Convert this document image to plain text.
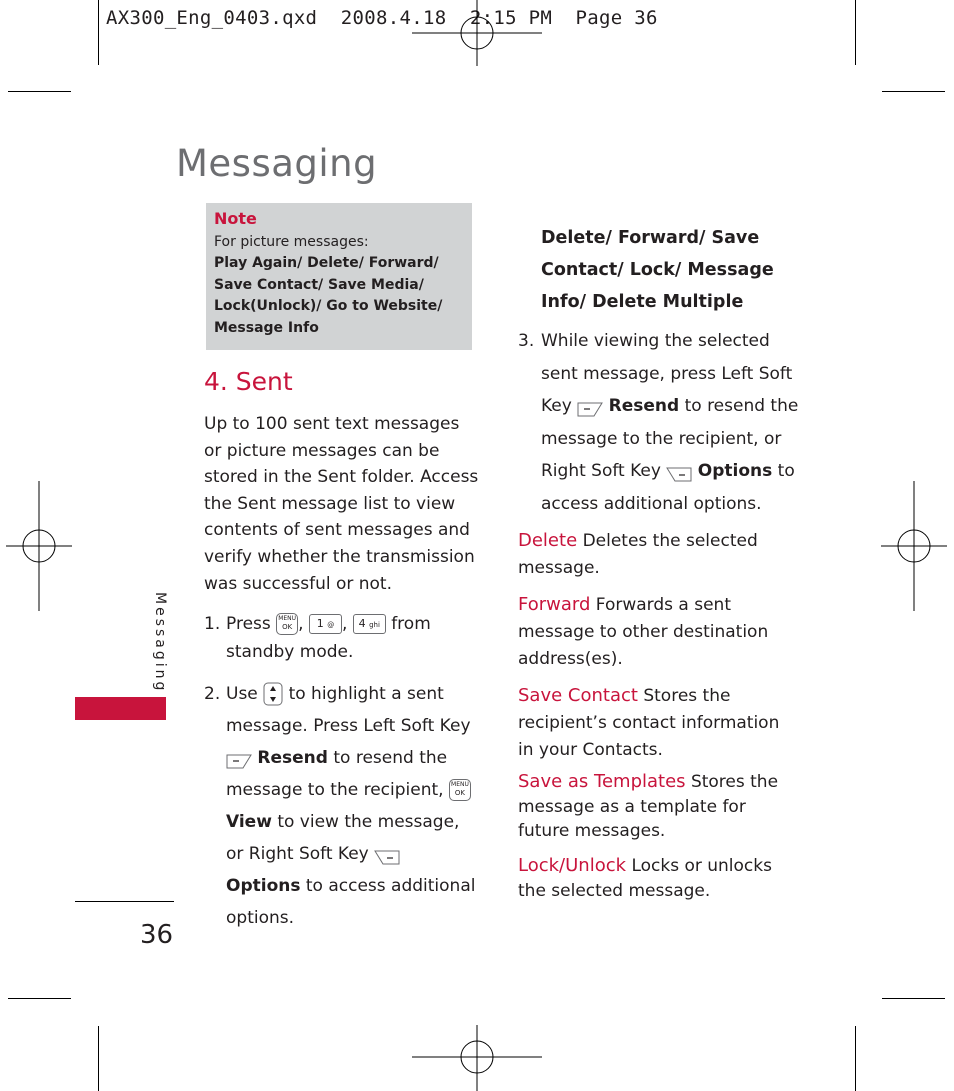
AX300_Eng_0403.qxd  2008.4.18  2:15 PM  Page 36
Messaging
Messaging
36
Note
For picture messages:
Play Again/ Delete/ Forward/ Save Contact/ Save Media/ Lock(Unlock)/ Go to Website/ Message Info
4. Sent
Up to 100 sent text messages or picture messages can be stored in the Sent folder. Access the Sent message list to view contents of sent messages and verify whether the transmission was successful or not.
1. Press MENU
OK , 1 @ , 4 ghi from standby mode.
2. Use to highlight a sent message. Press Left Soft Key  Resend to resend the message to the recipient, MENU
OK
View to view the message, or Right Soft Key  Options to access additional options.
Delete/ Forward/ Save Contact/ Lock/ Message Info/ Delete Multiple
3. While viewing the selected sent message, press Left Soft Key Resend to resend the message to the recipient, or Right Soft Key Options to access additional options.
Delete Deletes the selected message.
Forward Forwards a sent message to other destination address(es).
Save Contact Stores the recipient’s contact information in your Contacts.
Save as Templates Stores the message as a template for future messages.
Lock/Unlock Locks or unlocks the selected message.
